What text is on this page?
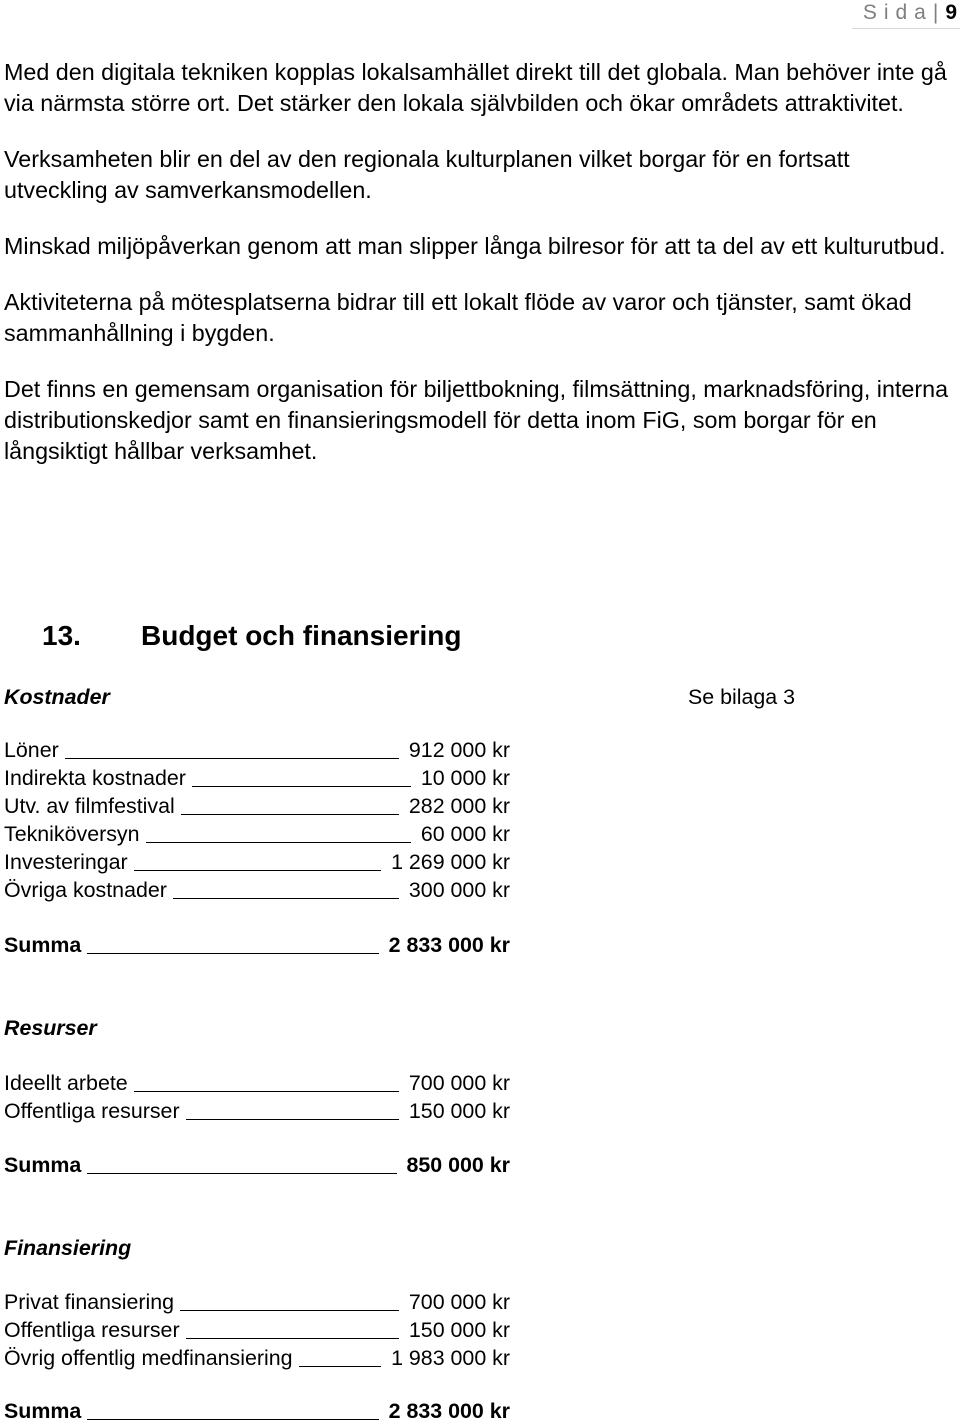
Sida| 9

Med den digitala tekniken kopplas lokalsamhället direkt till det globala. Man behöver inte gå via närmsta större ort. Det stärker den lokala självbilden och ökar områdets attraktivitet.

Verksamheten blir en del av den regionala kulturplanen vilket borgar för en fortsatt utveckling av samverkansmodellen.

Minskad miljöpåverkan genom att man slipper långa bilresor för att ta del av ett kulturutbud.

Aktiviteterna på mötesplatserna bidrar till ett lokalt flöde av varor och tjänster, samt ökad sammanhållning i bygden.

Det finns en gemensam organisation för biljettbokning, filmsättning, marknadsföring, interna distributionskedjor samt en finansieringsmodell för detta inom FiG, som borgar för en långsiktigt hållbar verksamhet.

13. Budget och finansiering
Kostnader	Se bilaga 3
Löner	912 000 kr
Indirekta kostnader	10 000 kr
Utv. av filmfestival	282 000 kr
Tekniköversyn	60 000 kr
Investeringar	1 269 000 kr
Övriga kostnader	300 000 kr
Summa	2 833 000 kr
Resurser
Ideellt arbete	700 000 kr
Offentliga resurser	150 000 kr
Summa	850 000 kr
Finansiering
Privat finansiering	700 000 kr
Offentliga resurser	150 000 kr
Övrig offentlig medfinansiering	1 983 000 kr
Summa	2 833 000 kr
